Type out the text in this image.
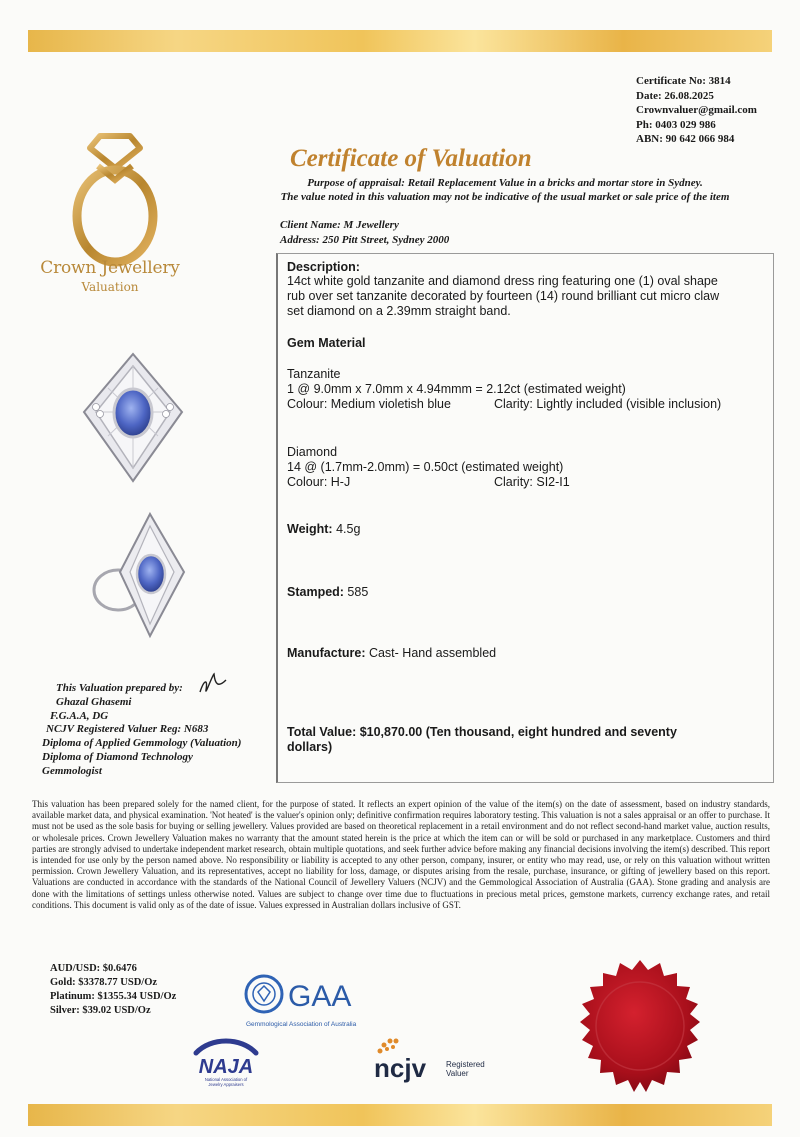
Certificate No: 3814
Date: 26.08.2025
Crownvaluer@gmail.com
Ph: 0403 029 986
ABN: 90 642 066 984
Crown Jewellery
Valuation
Certificate of Valuation
Purpose of appraisal: Retail Replacement Value in a bricks and mortar store in Sydney.
The value noted in this valuation may not be indicative of the usual market or sale price of the item
Client Name: M Jewellery
Address: 250 Pitt Street, Sydney 2000
Description:
14ct white gold tanzanite and diamond dress ring featuring one (1) oval shape
rub over set tanzanite decorated by fourteen (14) round brilliant cut micro claw
set diamond on a 2.39mm straight band.
Gem Material
Tanzanite
1 @ 9.0mm x 7.0mm x 4.94mmm = 2.12ct (estimated weight)
Colour: Medium violetish blue	Clarity: Lightly included (visible inclusion)
Diamond
14 @ (1.7mm-2.0mm) = 0.50ct (estimated weight)
Colour: H-J	Clarity: SI2-I1
Weight: 4.5g
Stamped: 585
Manufacture: Cast- Hand assembled
Total Value: $10,870.00 (Ten thousand, eight hundred and seventy
dollars)
This Valuation prepared by:
Ghazal Ghasemi
F.G.A.A, DG
NCJV Registered Valuer Reg: N683
Diploma of Applied Gemmology (Valuation)
Diploma of Diamond Technology
Gemmologist
This valuation has been prepared solely for the named client, for the purpose of stated. It reflects an expert opinion of the value of the item(s) on the date of assessment, based on industry standards, available market data, and physical examination. 'Not heated' is the valuer's opinion only; definitive confirmation requires laboratory testing. This valuation is not a sales appraisal or an offer to purchase. It must not be used as the sole basis for buying or selling jewellery. Values provided are based on theoretical replacement in a retail environment and do not reflect second-hand market value, auction results, or wholesale prices. Crown Jewellery Valuation makes no warranty that the amount stated herein is the price at which the item can or will be sold or purchased in any marketplace. Customers and third parties are strongly advised to undertake independent market research, obtain multiple quotations, and seek further advice before making any financial decisions involving the item(s) described. This report is intended for use only by the person named above. No responsibility or liability is accepted to any other person, company, insurer, or entity who may read, use, or rely on this valuation without written permission. Crown Jewellery Valuation, and its representatives, accept no liability for loss, damage, or disputes arising from the resale, purchase, insurance, or gifting of jewellery based on this report. Valuations are conducted in accordance with the standards of the National Council of Jewellery Valuers (NCJV) and the Gemmological Association of Australia (GAA). Stone grading and analysis are done with the limitations of settings unless otherwise noted. Values are subject to change over time due to fluctuations in precious metal prices, gemstone markets, currency exchange rates, and retail conditions. This document is valid only as of the date of issue. Values expressed in Australian dollars inclusive of GST.
AUD/USD: $0.6476
Gold: $3378.77 USD/Oz
Platinum: $1355.34 USD/Oz
Silver: $39.02 USD/Oz	GAA
Gemmological Association of Australia
NAJA
National Association of
Jewelry Appraisers
ncjv Registered
Valuer
